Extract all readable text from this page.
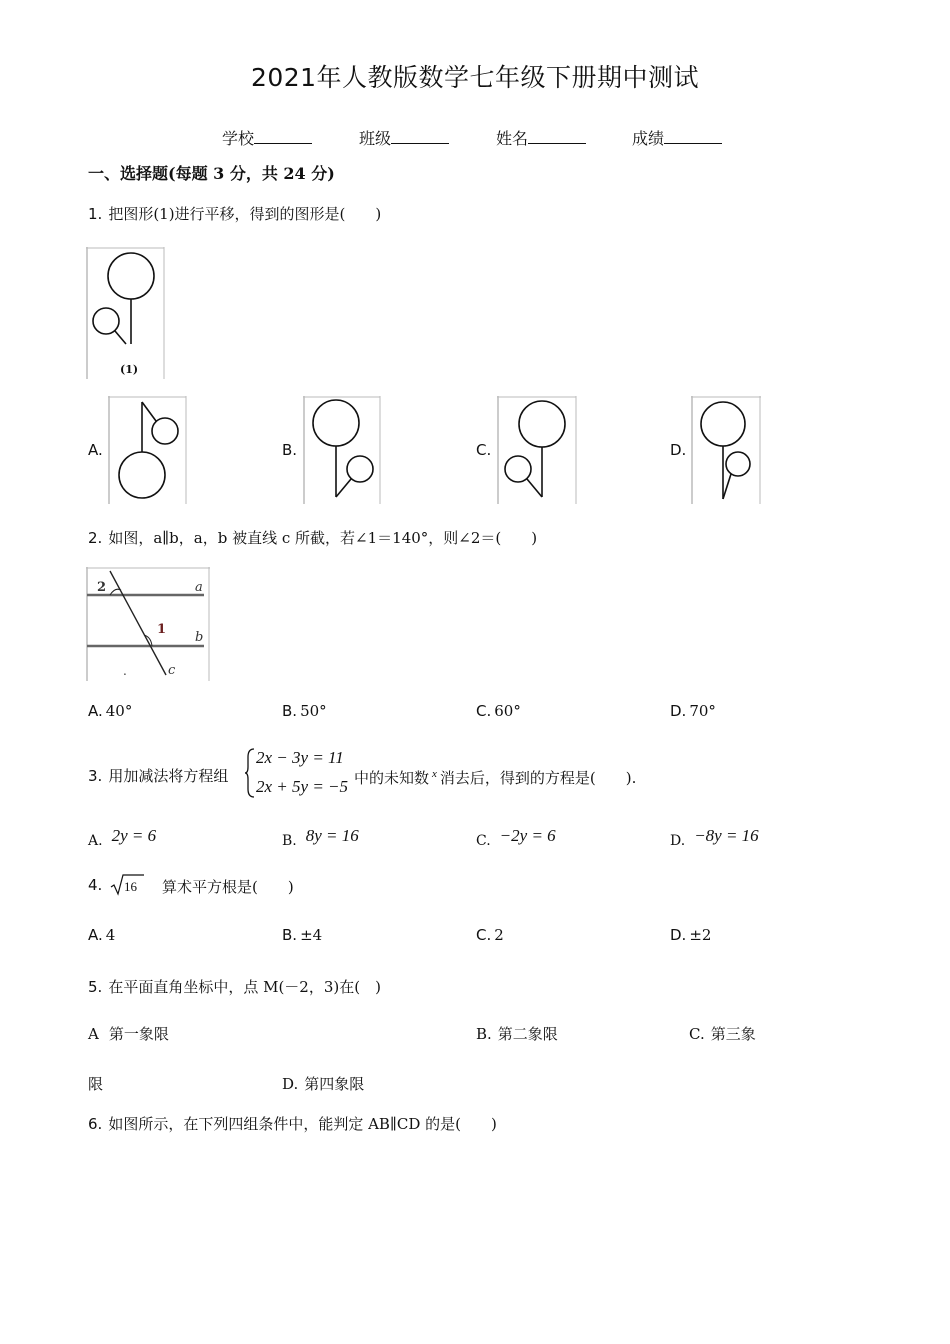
2021年人教版数学七年级下册期中测试
学校	班级	姓名	成绩
一、选择题(每题 3 分，共 24 分)
1. 把图形(1)进行平移，得到的图形是(　　)
(1)
A.	B.	C.	D.
2. 如图，a∥b，a，b 被直线 c 所截，若∠1＝140°，则∠2＝(　　)
2
1
a
b
c
.
A. 40°	B. 50°	C. 60°	D. 70°
3. 用加减法将方程组
2x − 3y = 11
2x + 5y = −5 中的未知数 $^x$ 消去后，得到的方程是(　　).
A. 2y = 6	B. 8y = 16	C. −2y = 6	D. −8y = 16
4.	16 算术平方根是(　　)
A. 4	B. ±4	C. 2	D. ±2
5. 在平面直角坐标中，点 M(－2，3)在(　)
A 第一象限	B. 第二象限	C. 第三象
限	D. 第四象限
6. 如图所示，在下列四组条件中，能判定 AB∥CD 的是(　　)
